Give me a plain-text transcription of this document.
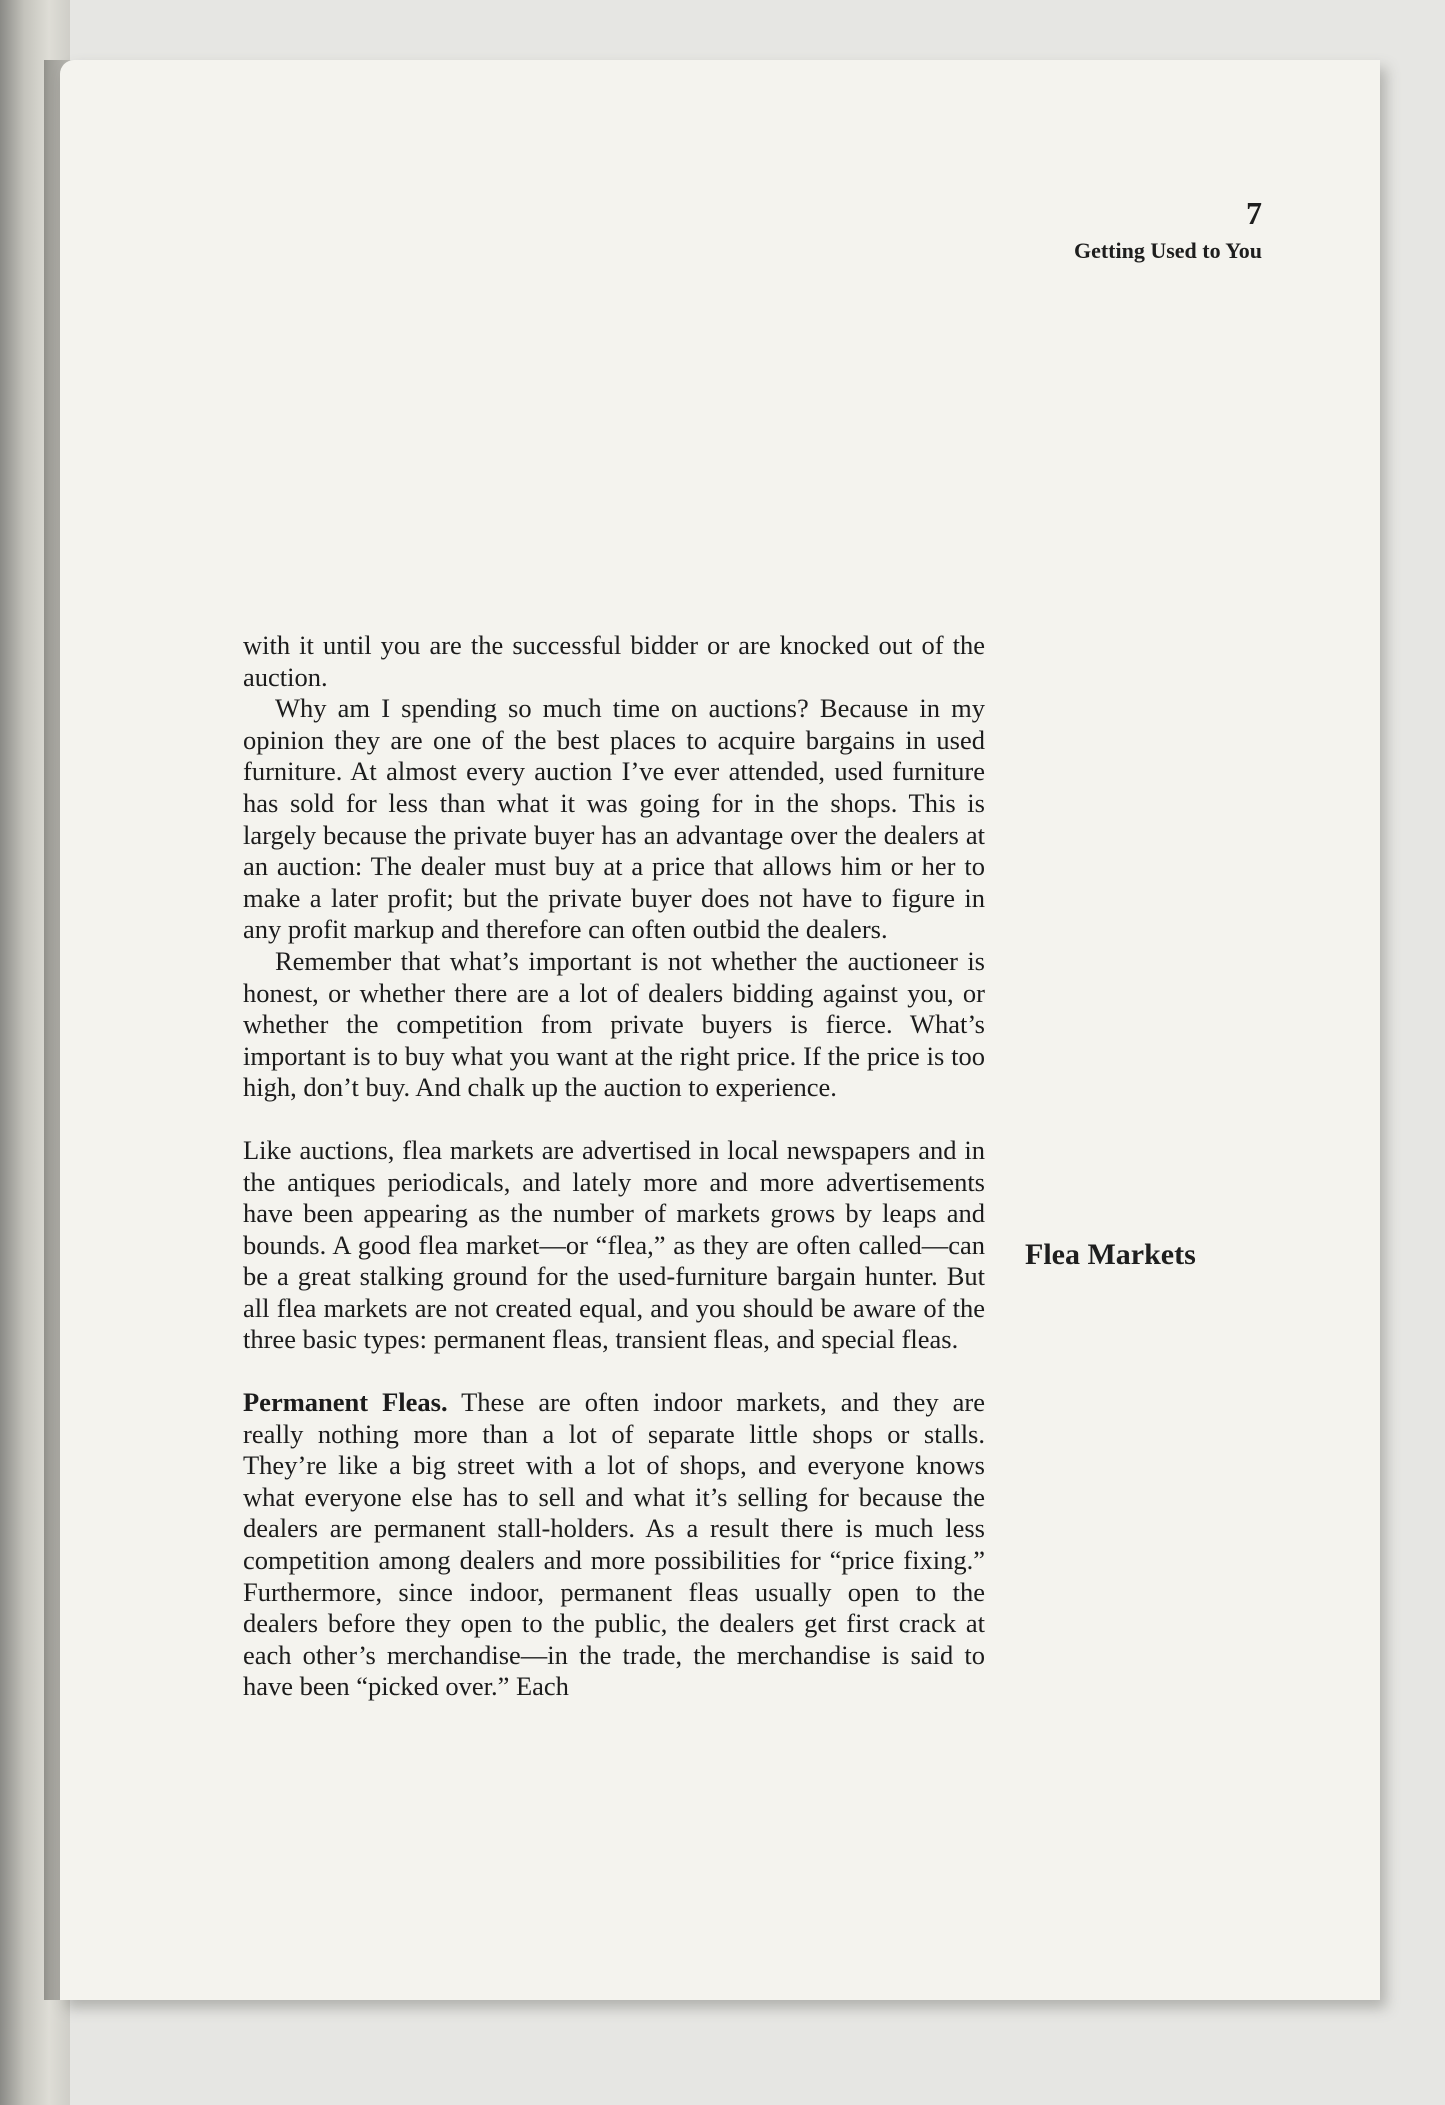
7
Getting Used to You
Flea Markets

with it until you are the successful bidder or are knocked out of the auction.

Why am I spending so much time on auctions? Because in my opinion they are one of the best places to acquire bargains in used furniture. At almost every auction I’ve ever attended, used furniture has sold for less than what it was going for in the shops. This is largely because the private buyer has an advantage over the dealers at an auction: The dealer must buy at a price that allows him or her to make a later profit; but the private buyer does not have to figure in any profit markup and therefore can often outbid the dealers.

Remember that what’s important is not whether the auctioneer is honest, or whether there are a lot of dealers bidding against you, or whether the competition from private buyers is fierce. What’s important is to buy what you want at the right price. If the price is too high, don’t buy. And chalk up the auction to experience.

Like auctions, flea markets are advertised in local newspapers and in the antiques periodicals, and lately more and more advertisements have been appearing as the number of markets grows by leaps and bounds. A good flea market—or “flea,” as they are often called—can be a great stalking ground for the used-furniture bargain hunter. But all flea markets are not created equal, and you should be aware of the three basic types: permanent fleas, transient fleas, and special fleas.

Permanent Fleas. These are often indoor markets, and they are really nothing more than a lot of separate little shops or stalls. They’re like a big street with a lot of shops, and everyone knows what everyone else has to sell and what it’s selling for because the dealers are permanent stall-holders. As a result there is much less competition among dealers and more possibilities for “price fixing.” Furthermore, since indoor, permanent fleas usually open to the dealers before they open to the public, the dealers get first crack at each other’s merchandise—in the trade, the merchandise is said to have been “picked over.” Each
